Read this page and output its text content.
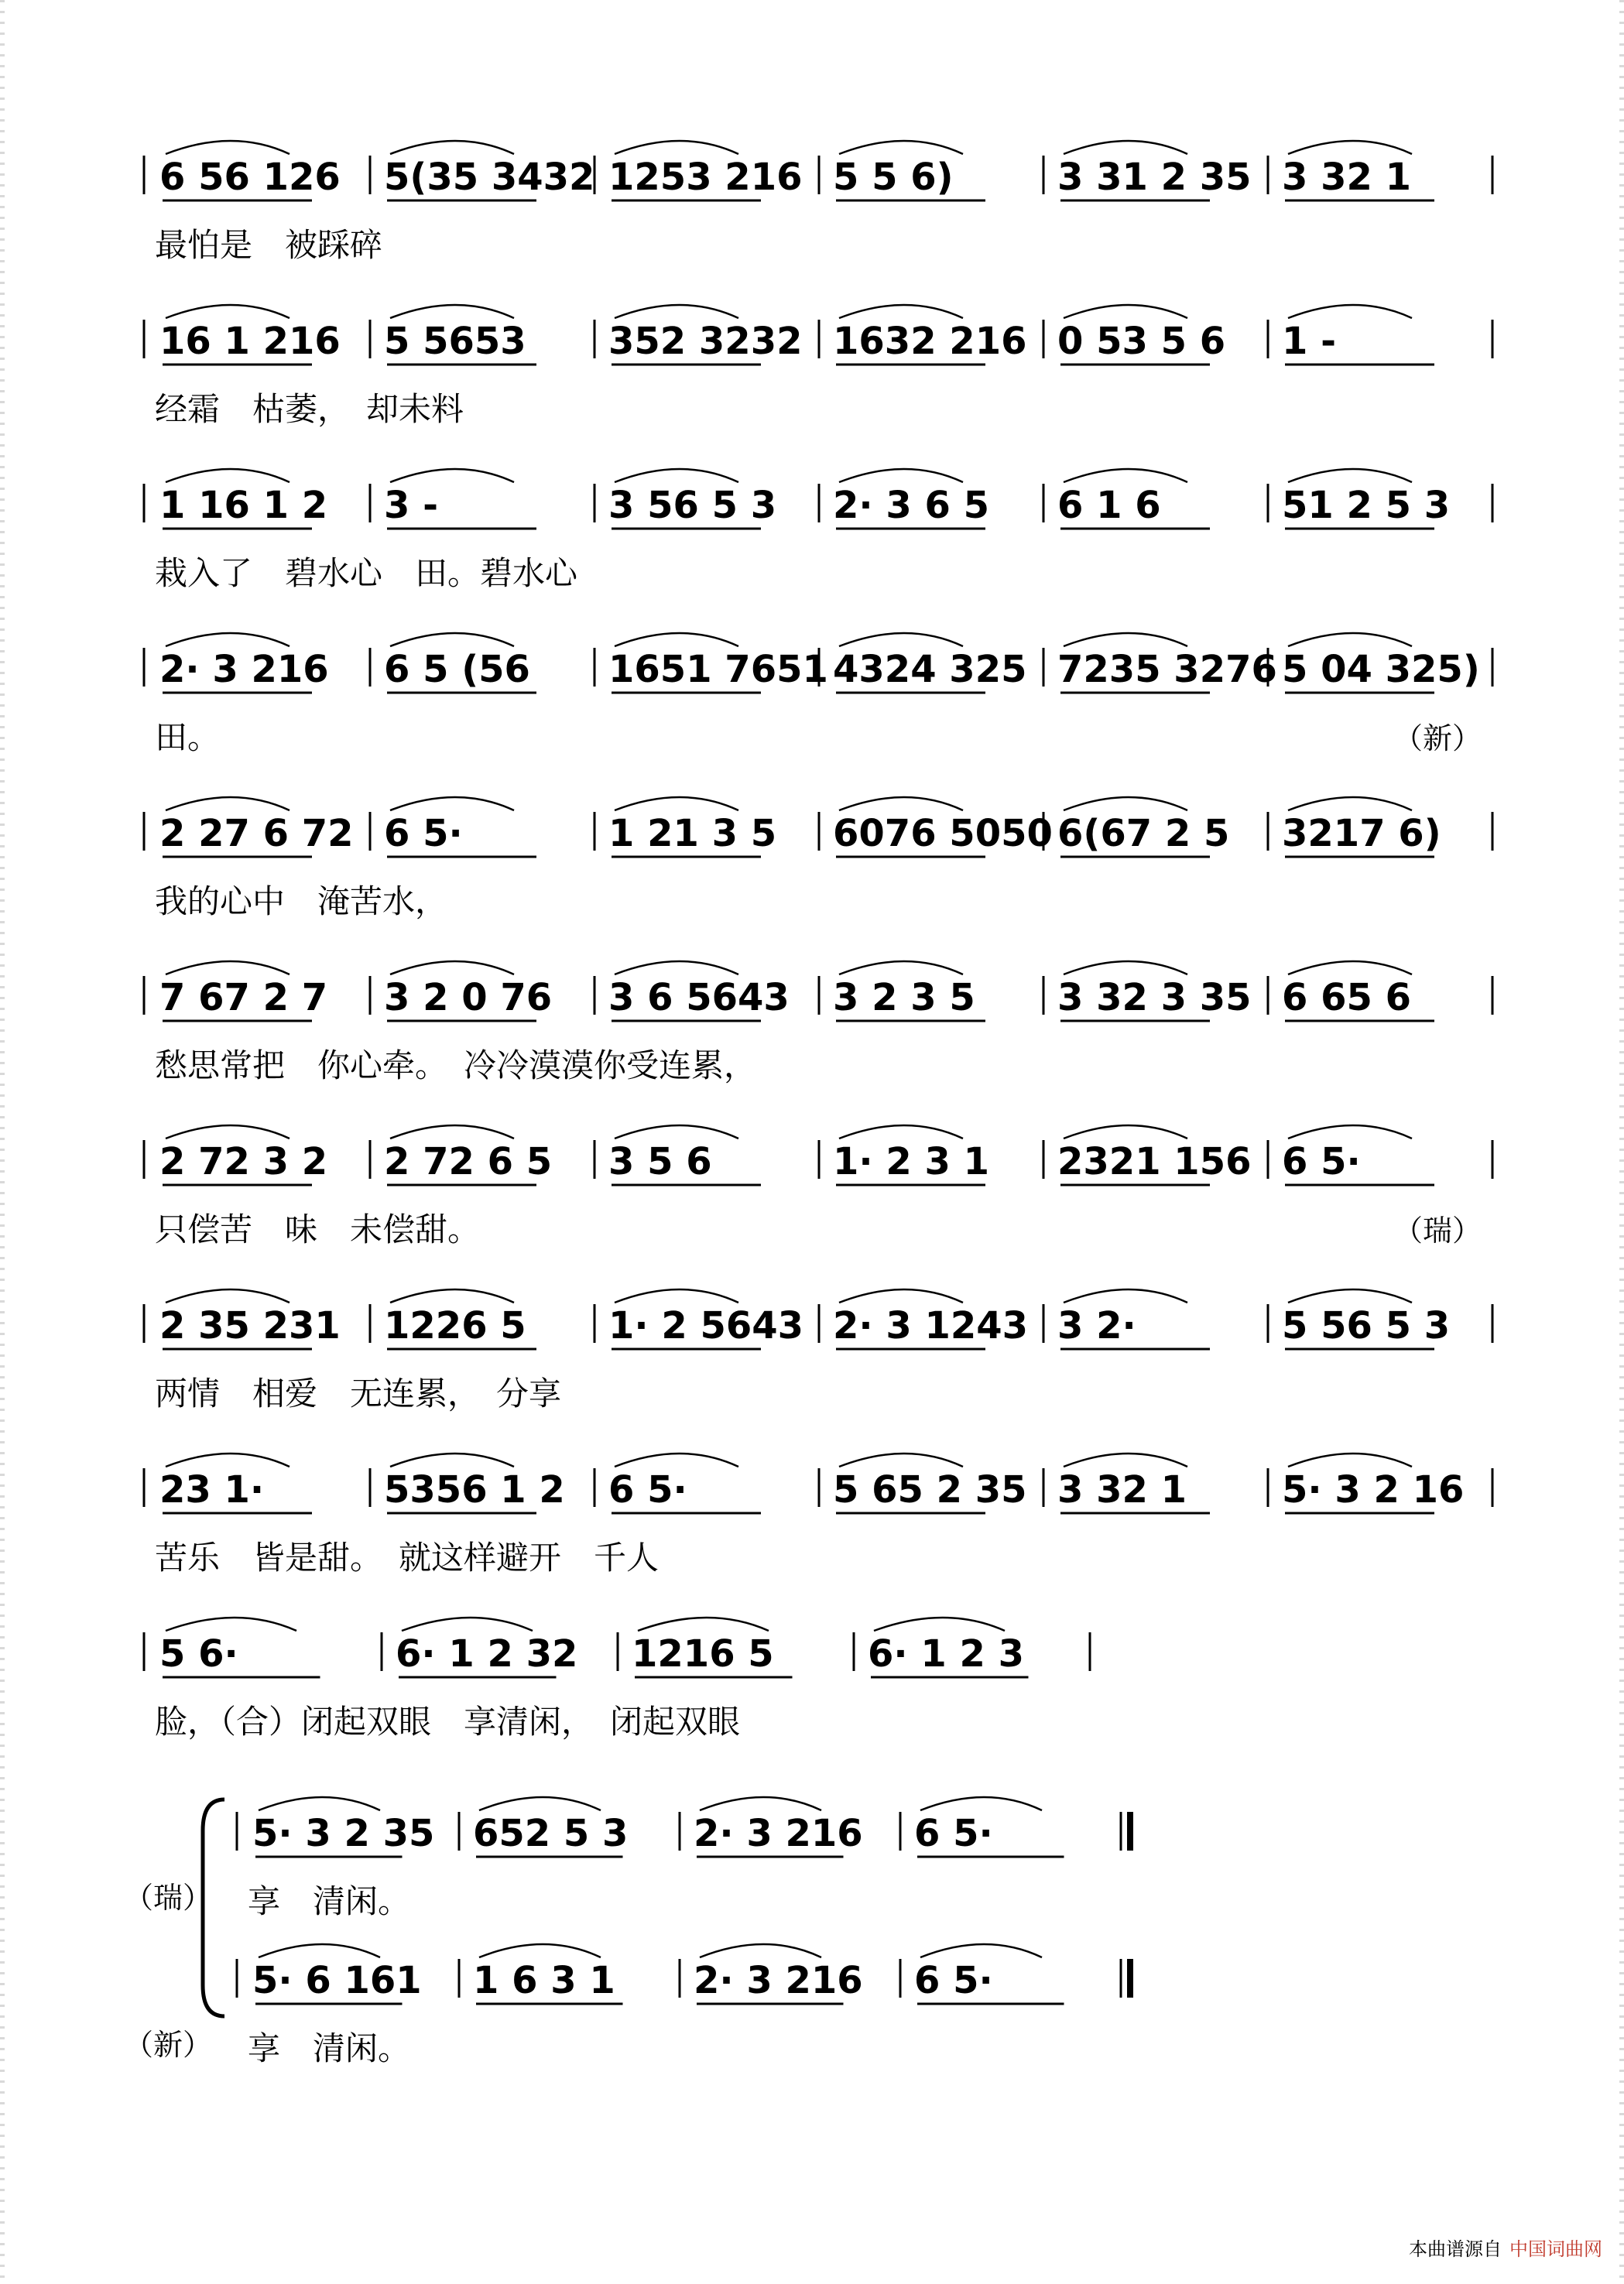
6 56 126 5(35 3432 1253 216 5 5 6)	3 31 2 35 3 32 1
最怕是　被踩碎
16 1 216 5 5653 352 3232 1632 216 0 53 5 6 1 -
经霜　枯萎，　却未料
1 16 1 2 3 -	3 56 5 3 2· 3 6 5 6 1 6	51 2 5 3
栽入了　碧水心　田。碧水心
2· 3 216 6 5 (56 1651 7651 4324 325 7235 3276 5 04 325)
田。	（新）
2 27 6 72 6 5·	1 21 3 5 6076 5050 6(67 2 5 3217 6)
我的心中　淹苦水，
7 67 2 7 3 2 0 76 3 6 5643 3 2 3 5 3 32 3 35 6 65 6
愁思常把　你心牵。　冷冷漠漠你受连累，
2 72 3 2 2 72 6 5 3 5 6	1· 2 3 1 2321 156 6 5·
只偿苦　味　未偿甜。	（瑞）
2 35 231 1226 5 1· 2 5643 2· 3 1243 3 2·	5 56 5 3
两情　相爱　无连累，　分享
23 1·	5356 1 2 6 5·	5 65 2 35 3 32 1	5· 3 2 16
苦乐　皆是甜。　就这样避开　千人
5 6·	6· 1 2 32 1216 5	6· 1 2 3
脸，（合）闭起双眼　享清闲，　闭起双眼
5· 3 2 35 652 5 3 2· 3 216 6 5·
享　清闲。
5· 6 161 1 6 3 1 2· 3 216 6 5·
享　清闲。
（瑞）
（新）
本曲谱源自 中国词曲网
